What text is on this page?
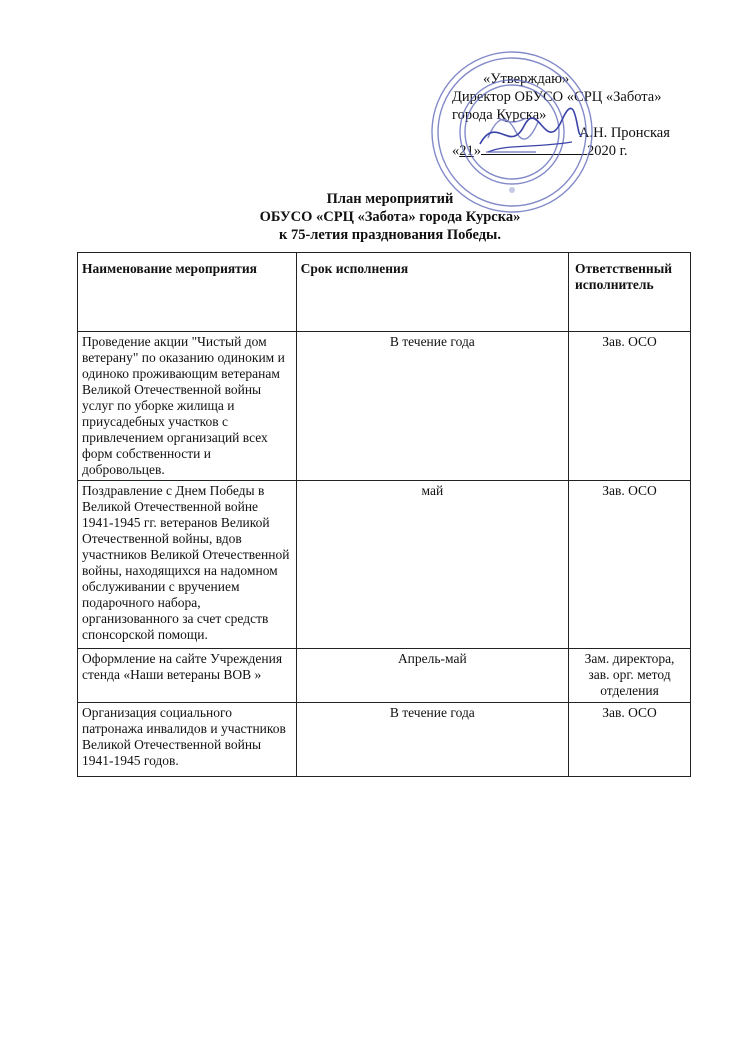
«Утверждаю»
Директор ОБУСО «СРЦ «Забота»
города Курска»
А.Н. Пронская
«21»	2020 г.
План мероприятий
ОБУСО «СРЦ «Забота» города Курска»
к 75-летия празднования Победы.
Наименование мероприятия	Срок исполнения	Ответственный исполнитель
Проведение акции "Чистый дом ветерану" по оказанию одиноким и одиноко проживающим ветеранам Великой Отечественной войны услуг по уборке жилища и приусадебных участков с привлечением организаций всех форм собственности и добровольцев.	В течение года	Зав. ОСО
Поздравление с Днем Победы в Великой Отечественной войне 1941-1945 гг. ветеранов Великой Отечественной войны, вдов участников Великой Отечественной войны, находящихся на надомном обслуживании с вручением подарочного набора, организованного за счет средств спонсорской помощи.	май	Зав. ОСО
Оформление на сайте Учреждения стенда «Наши ветераны ВОВ »	Апрель-май	Зам. директора, зав. орг. метод отделения
Организация социального патронажа инвалидов и участников Великой Отечественной войны 1941-1945 годов.	В течение года	Зав. ОСО
